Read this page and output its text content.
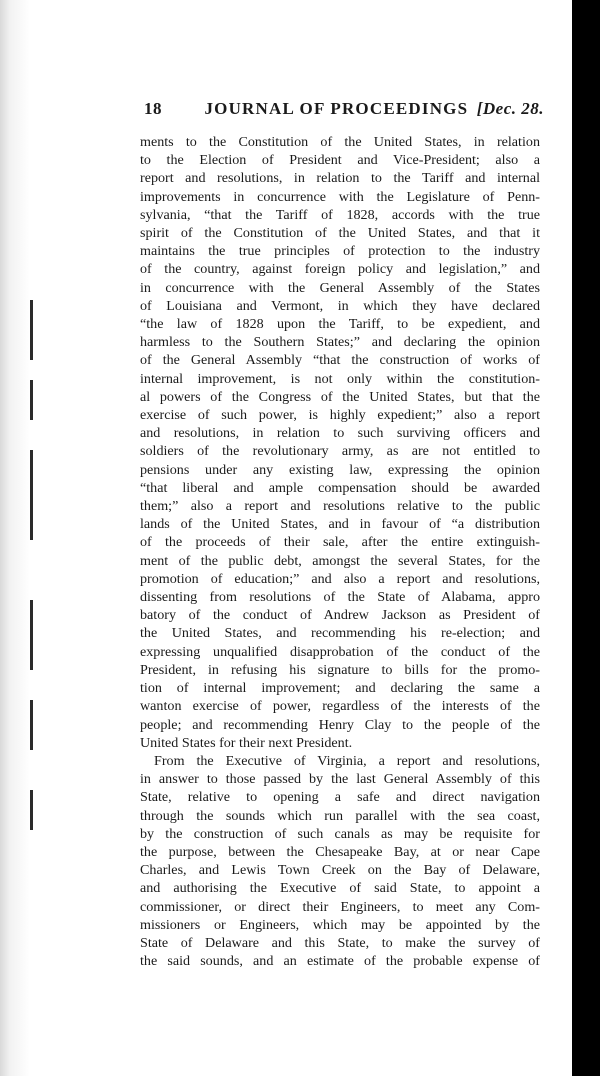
18	JOURNAL OF PROCEEDINGS [Dec. 28.
ments to the Constitution of the United States, in relation
to the Election of President and Vice-President; also a
report and resolutions, in relation to the Tariff and internal
improvements in concurrence with the Legislature of Penn-
sylvania, “that the Tariff of 1828, accords with the true
spirit of the Constitution of the United States, and that it
maintains the true principles of protection to the industry
of the country, against foreign policy and legislation,” and
in concurrence with the General Assembly of the States
of Louisiana and Vermont, in which they have declared
“the law of 1828 upon the Tariff, to be expedient, and
harmless to the Southern States;” and declaring the opinion
of the General Assembly “that the construction of works of
internal improvement, is not only within the constitution-
al powers of the Congress of the United States, but that the
exercise of such power, is highly expedient;” also a report
and resolutions, in relation to such surviving officers and
soldiers of the revolutionary army, as are not entitled to
pensions under any existing law, expressing the opinion
“that liberal and ample compensation should be awarded
them;” also a report and resolutions relative to the public
lands of the United States, and in favour of “a distribution
of the proceeds of their sale, after the entire extinguish-
ment of the public debt, amongst the several States, for the
promotion of education;” and also a report and resolutions,
dissenting from resolutions of the State of Alabama, appro
batory of the conduct of Andrew Jackson as President of
the United States, and recommending his re-election; and
expressing unqualified disapprobation of the conduct of the
President, in refusing his signature to bills for the promo-
tion of internal improvement; and declaring the same a
wanton exercise of power, regardless of the interests of the
people; and recommending Henry Clay to the people of the
United States for their next President.
From the Executive of Virginia, a report and resolutions,
in answer to those passed by the last General Assembly of this
State, relative to opening a safe and direct navigation
through the sounds which run parallel with the sea coast,
by the construction of such canals as may be requisite for
the purpose, between the Chesapeake Bay, at or near Cape
Charles, and Lewis Town Creek on the Bay of Delaware,
and authorising the Executive of said State, to appoint a
commissioner, or direct their Engineers, to meet any Com-
missioners or Engineers, which may be appointed by the
State of Delaware and this State, to make the survey of
the said sounds, and an estimate of the probable expense of
